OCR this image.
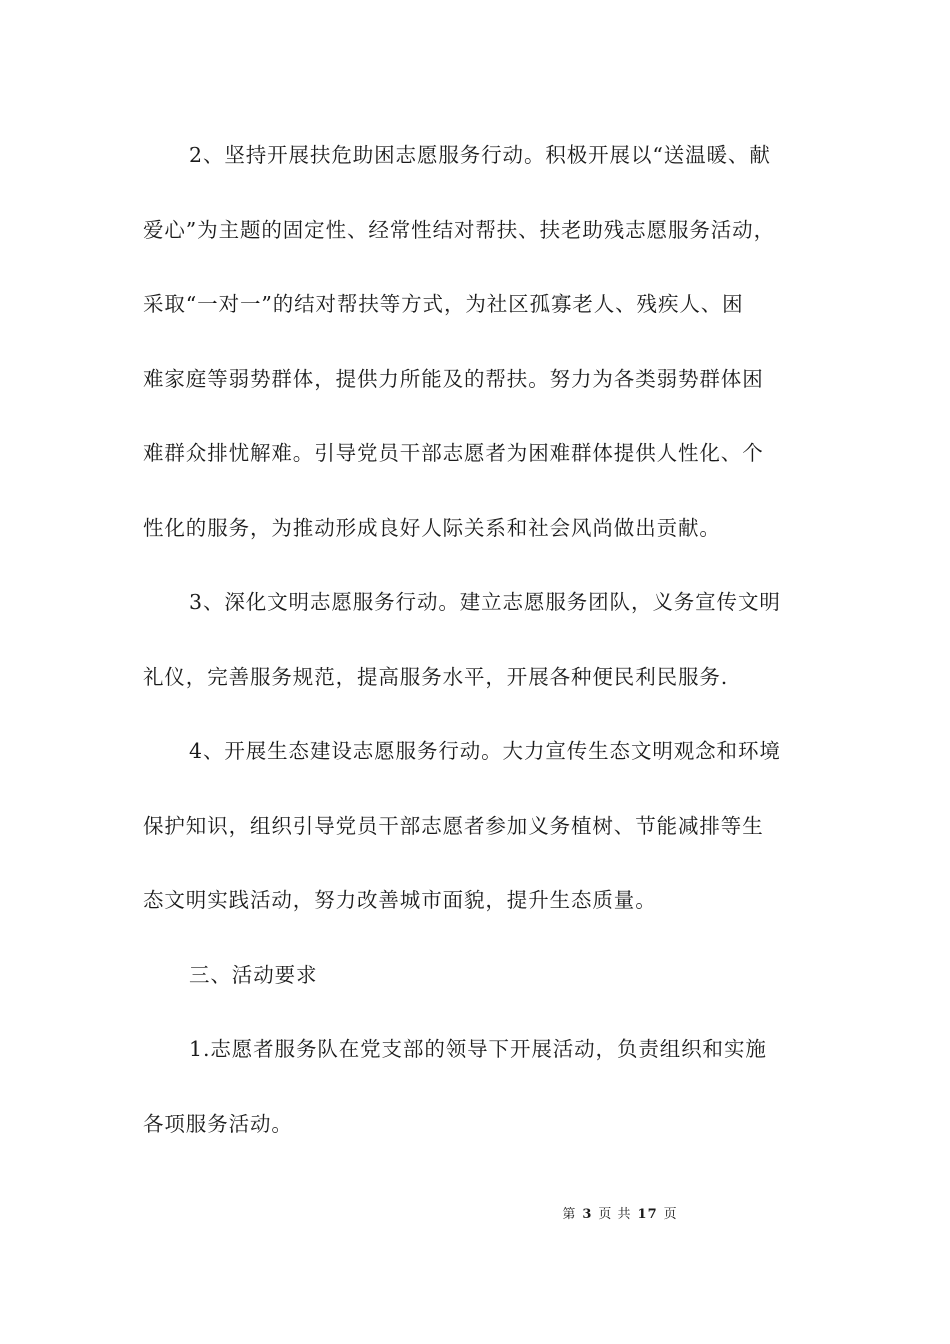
2、坚持开展扶危助困志愿服务行动。积极开展以“送温暖、献
爱心”为主题的固定性、经常性结对帮扶、扶老助残志愿服务活动，
采取“一对一”的结对帮扶等方式，为社区孤寡老人、残疾人、困
难家庭等弱势群体，提供力所能及的帮扶。努力为各类弱势群体困
难群众排忧解难。引导党员干部志愿者为困难群体提供人性化、个
性化的服务，为推动形成良好人际关系和社会风尚做出贡献。
3、深化文明志愿服务行动。建立志愿服务团队，义务宣传文明
礼仪，完善服务规范，提高服务水平，开展各种便民利民服务.
4、开展生态建设志愿服务行动。大力宣传生态文明观念和环境
保护知识，组织引导党员干部志愿者参加义务植树、节能减排等生
态文明实践活动，努力改善城市面貌，提升生态质量。
三、活动要求
1.志愿者服务队在党支部的领导下开展活动，负责组织和实施
各项服务活动。
第 3 页 共 17 页
